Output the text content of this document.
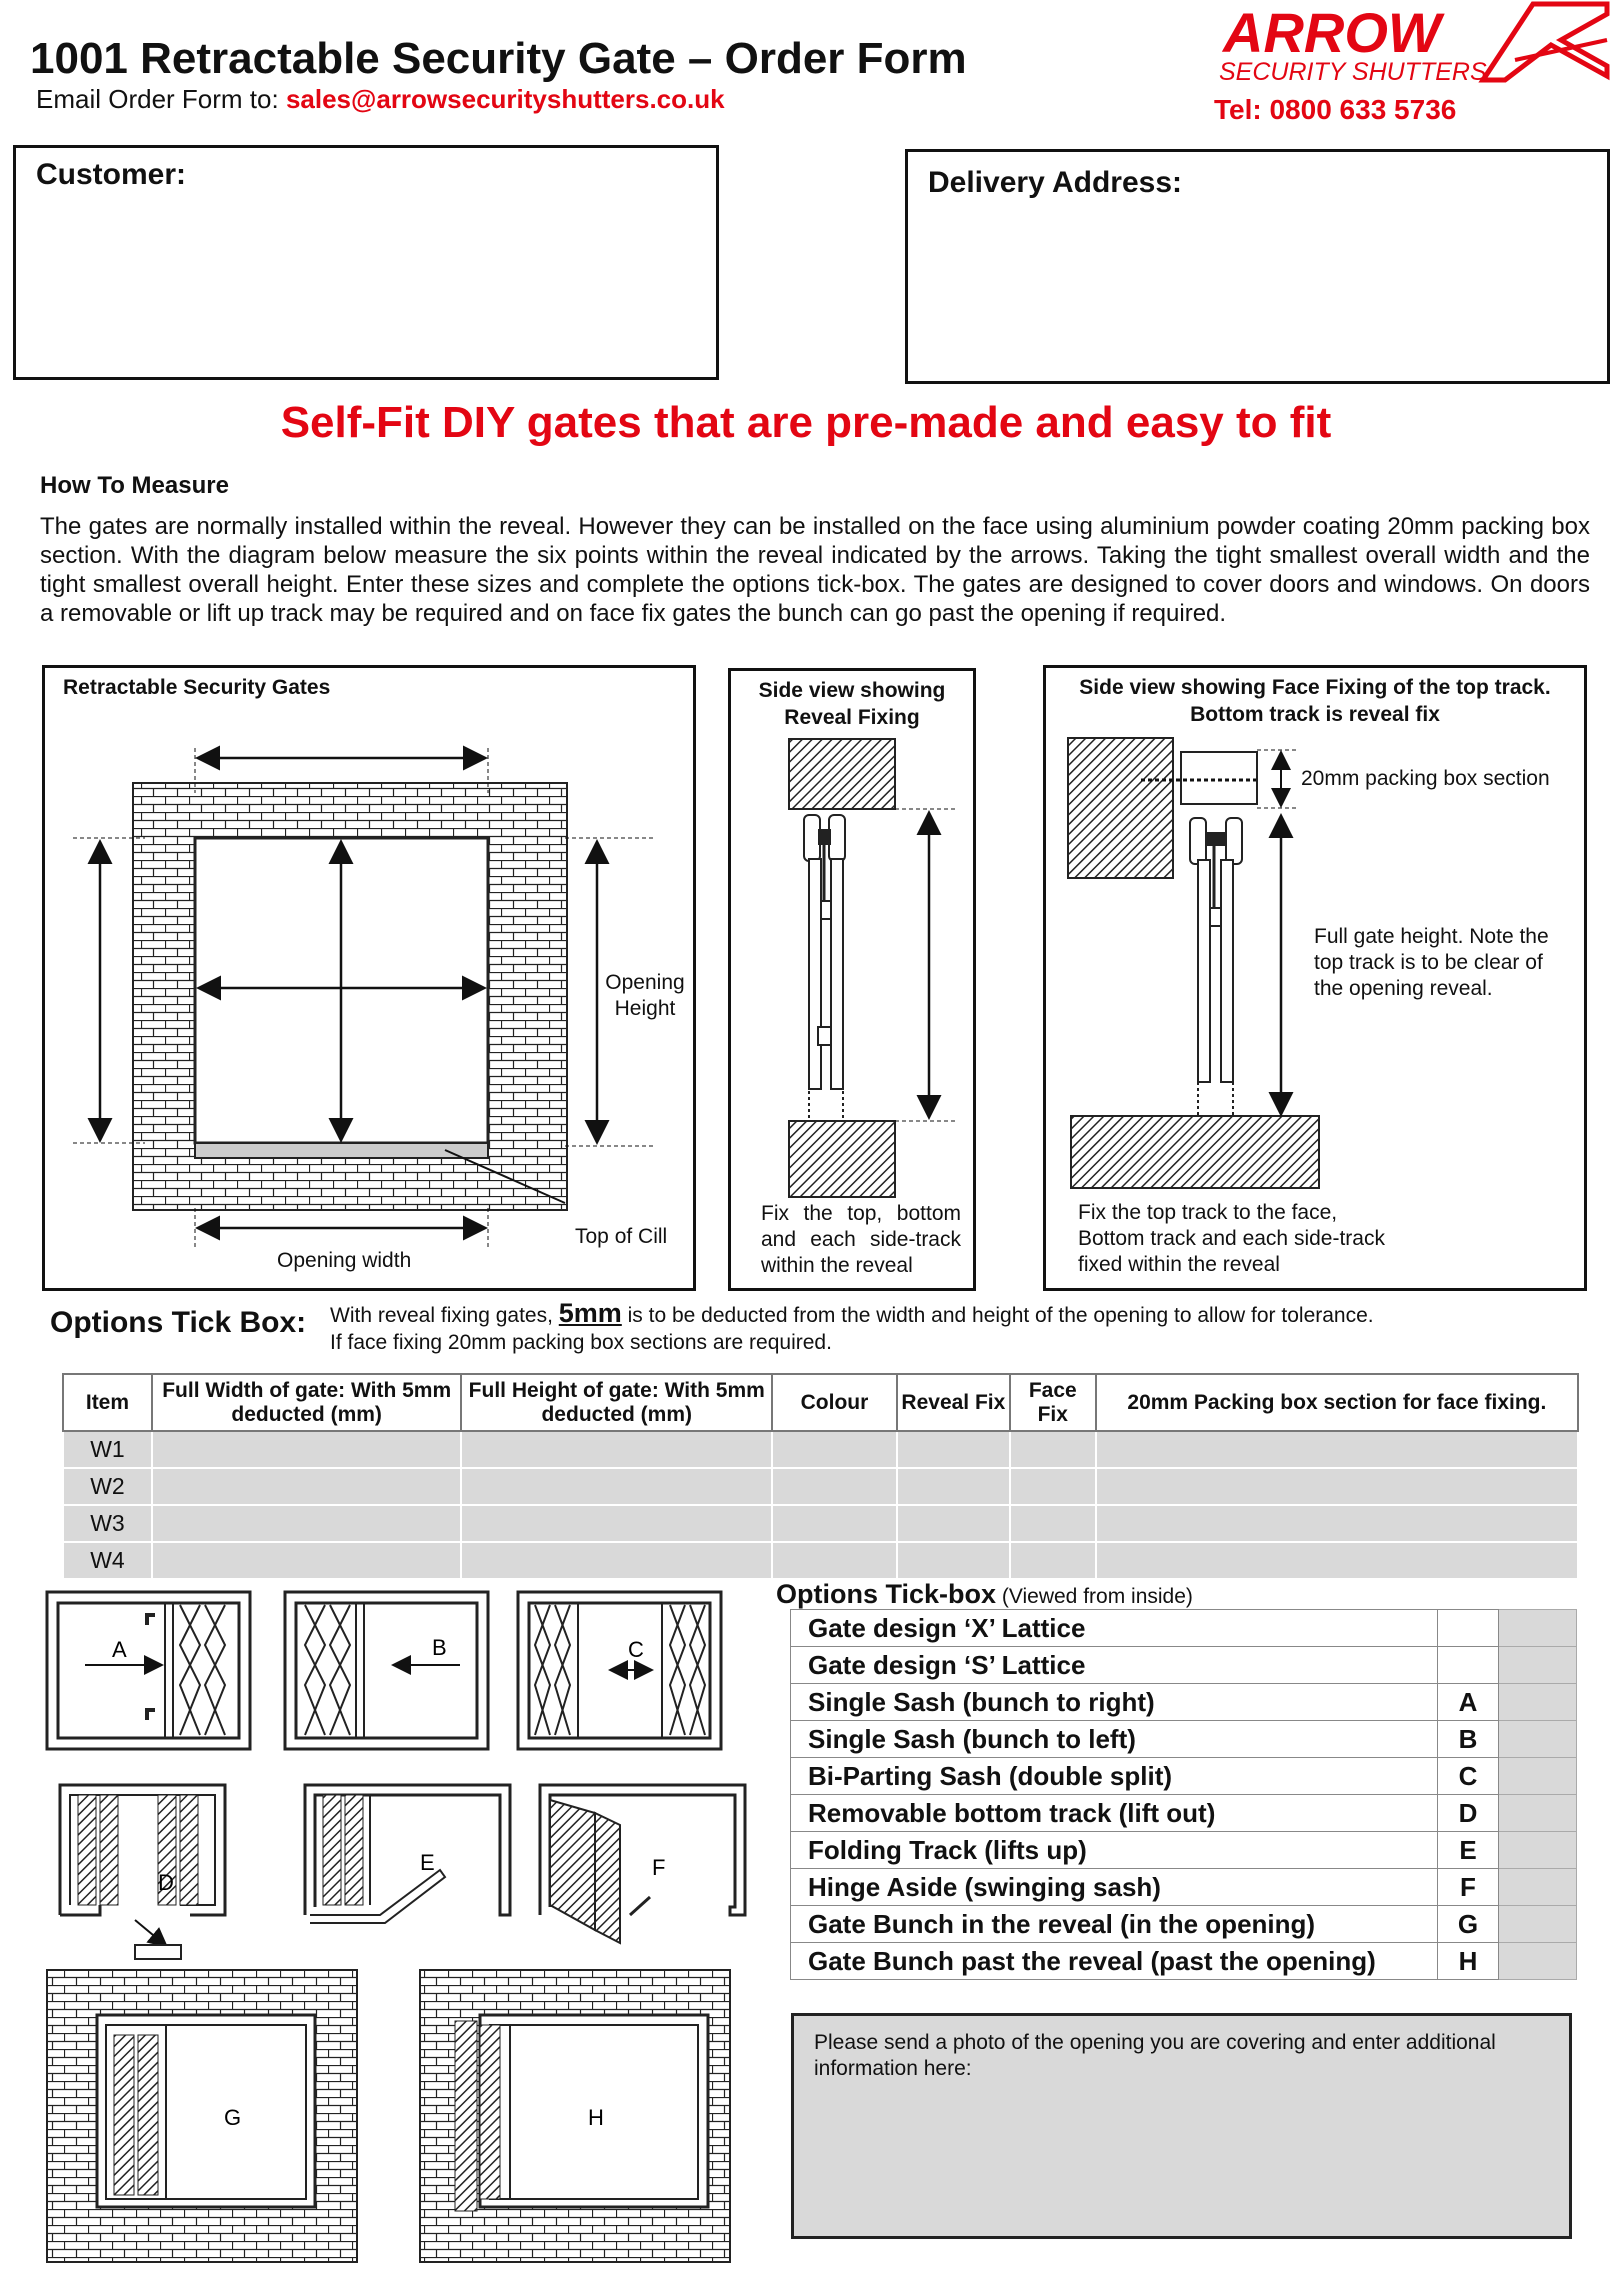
1001 Retractable Security Gate – Order Form
Email Order Form to: sales@arrowsecurityshutters.co.uk
ARROW
SECURITY SHUTTERS
Tel: 0800 633 5736
Customer:	Delivery Address:
Self-Fit DIY gates that are pre-made and easy to fit
How To Measure
The gates are normally installed within the reveal. However they can be installed on the face using aluminium powder coating 20mm packing box section. With the diagram below measure the six points within the reveal indicated by the arrows. Taking the tight smallest overall width and the tight smallest overall height. Enter these sizes and complete the options tick-box. The gates are designed to cover doors and windows. On doors a removable or lift up track may be required and on face fix gates the bunch can go past the opening if required.
Retractable Security Gates
Opening Height
Top of Cill
Opening width
Side view showing Reveal Fixing
Fix the top, bottom and each side-track within the reveal
Side view showing Face Fixing of the top track. Bottom track is reveal fix
20mm packing box section
Full gate height. Note the top track is to be clear of the opening reveal.
Fix the top track to the face, Bottom track and each side-track fixed within the reveal
Options Tick Box: With reveal fixing gates, 5mm is to be deducted from the width and height of the opening to allow for tolerance.
If face fixing 20mm packing box sections are required.
Item	Full Width of gate: With 5mm deducted (mm)	Full Height of gate: With 5mm deducted (mm)	Colour	Reveal Fix	Face Fix	20mm Packing box section for face fixing.
W1						
W2						
W3						
W4						
A	B	C
D
E	F
G	H
Options Tick-box (Viewed from inside)
Gate design ‘X’ Lattice		
Gate design ‘S’ Lattice		
Single Sash (bunch to right)	A	
Single Sash (bunch to left)	B	
Bi-Parting Sash (double split)	C	
Removable bottom track (lift out)	D	
Folding Track (lifts up)	E	
Hinge Aside (swinging sash)	F	
Gate Bunch in the reveal (in the opening)	G	
Gate Bunch past the reveal (past the opening)	H	
Please send a photo of the opening you are covering and enter additional information here:
